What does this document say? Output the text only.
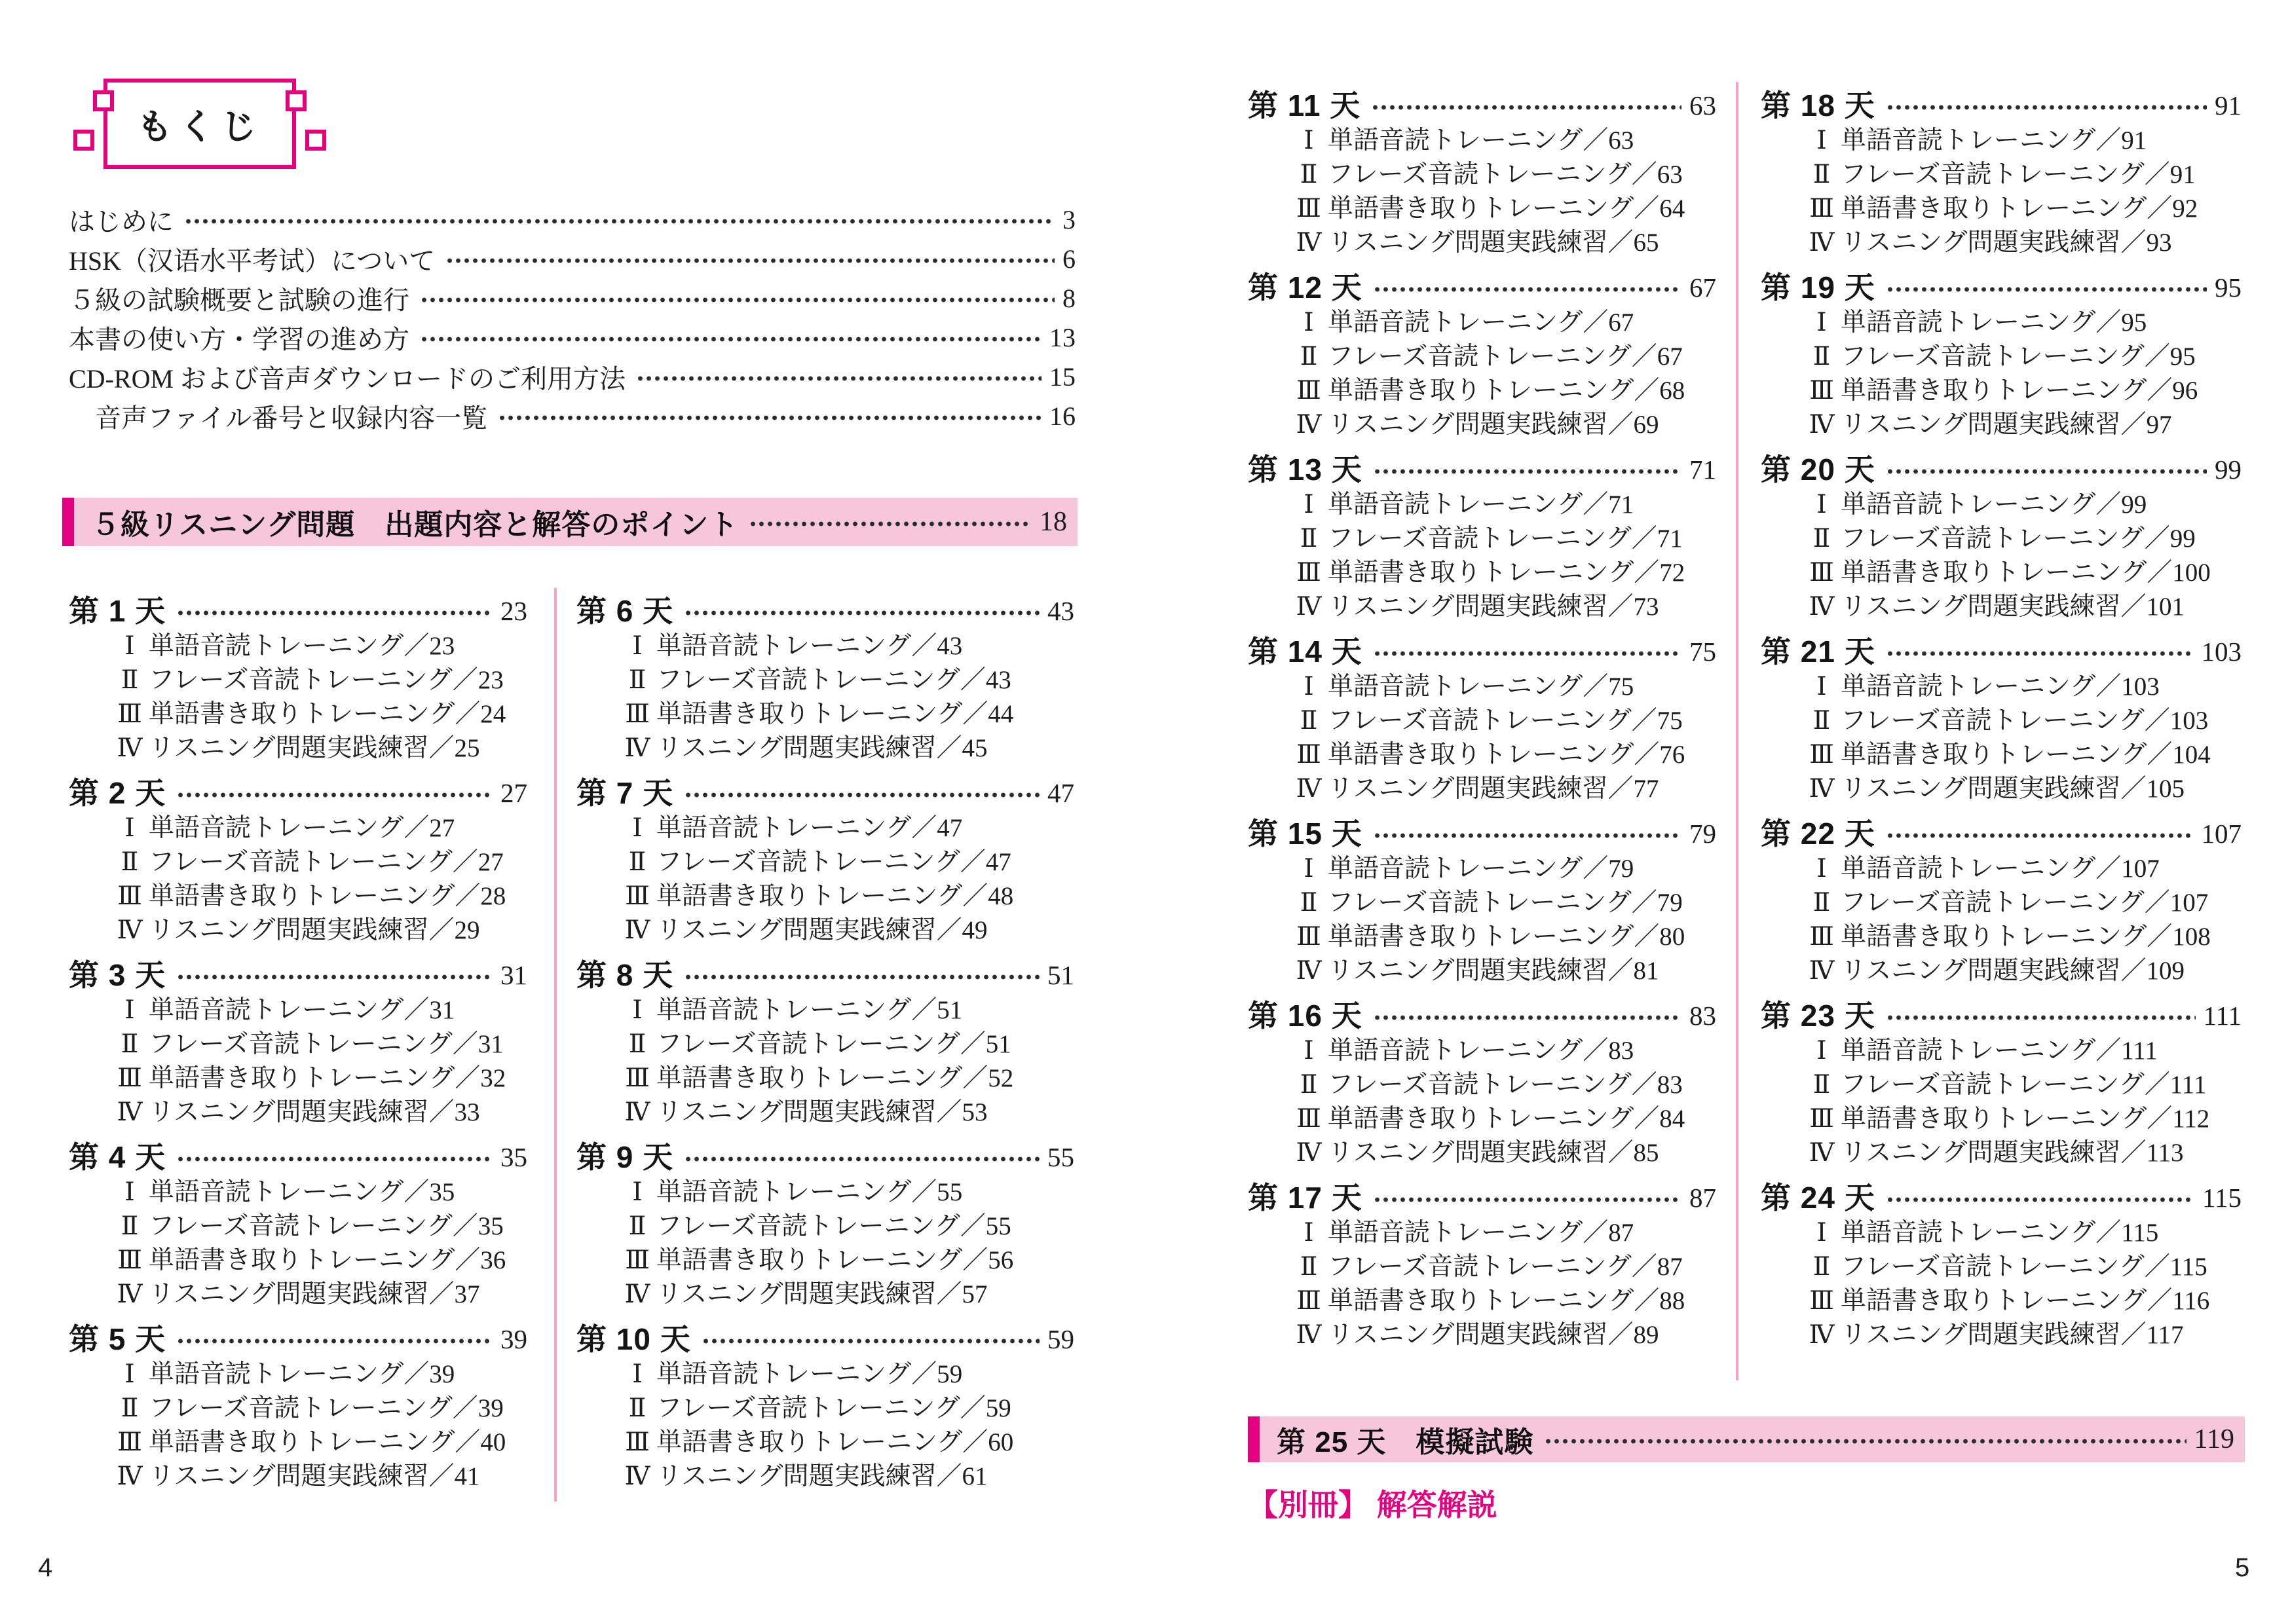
もくじ
はじめに	3
HSK（汉语水平考试）について	6
５級の試験概要と試験の進行	8
本書の使い方・学習の進め方	13
CD-ROM および音声ダウンロードのご利用方法	15
音声ファイル番号と収録内容一覧	16
５級リスニング問題　出題内容と解答のポイント	18
第 1 天	23
Ⅰ 単語音読トレーニング／23
Ⅱ フレーズ音読トレーニング／23
Ⅲ 単語書き取りトレーニング／24
Ⅳ リスニング問題実践練習／25
第 2 天	27
Ⅰ 単語音読トレーニング／27
Ⅱ フレーズ音読トレーニング／27
Ⅲ 単語書き取りトレーニング／28
Ⅳ リスニング問題実践練習／29
第 3 天	31
Ⅰ 単語音読トレーニング／31
Ⅱ フレーズ音読トレーニング／31
Ⅲ 単語書き取りトレーニング／32
Ⅳ リスニング問題実践練習／33
第 4 天	35
Ⅰ 単語音読トレーニング／35
Ⅱ フレーズ音読トレーニング／35
Ⅲ 単語書き取りトレーニング／36
Ⅳ リスニング問題実践練習／37
第 5 天	39
Ⅰ 単語音読トレーニング／39
Ⅱ フレーズ音読トレーニング／39
Ⅲ 単語書き取りトレーニング／40
Ⅳ リスニング問題実践練習／41
第 6 天	43
Ⅰ 単語音読トレーニング／43
Ⅱ フレーズ音読トレーニング／43
Ⅲ 単語書き取りトレーニング／44
Ⅳ リスニング問題実践練習／45
第 7 天	47
Ⅰ 単語音読トレーニング／47
Ⅱ フレーズ音読トレーニング／47
Ⅲ 単語書き取りトレーニング／48
Ⅳ リスニング問題実践練習／49
第 8 天	51
Ⅰ 単語音読トレーニング／51
Ⅱ フレーズ音読トレーニング／51
Ⅲ 単語書き取りトレーニング／52
Ⅳ リスニング問題実践練習／53
第 9 天	55
Ⅰ 単語音読トレーニング／55
Ⅱ フレーズ音読トレーニング／55
Ⅲ 単語書き取りトレーニング／56
Ⅳ リスニング問題実践練習／57
第 10 天	59
Ⅰ 単語音読トレーニング／59
Ⅱ フレーズ音読トレーニング／59
Ⅲ 単語書き取りトレーニング／60
Ⅳ リスニング問題実践練習／61
4
第 11 天	63
Ⅰ 単語音読トレーニング／63
Ⅱ フレーズ音読トレーニング／63
Ⅲ 単語書き取りトレーニング／64
Ⅳ リスニング問題実践練習／65
第 12 天	67
Ⅰ 単語音読トレーニング／67
Ⅱ フレーズ音読トレーニング／67
Ⅲ 単語書き取りトレーニング／68
Ⅳ リスニング問題実践練習／69
第 13 天	71
Ⅰ 単語音読トレーニング／71
Ⅱ フレーズ音読トレーニング／71
Ⅲ 単語書き取りトレーニング／72
Ⅳ リスニング問題実践練習／73
第 14 天	75
Ⅰ 単語音読トレーニング／75
Ⅱ フレーズ音読トレーニング／75
Ⅲ 単語書き取りトレーニング／76
Ⅳ リスニング問題実践練習／77
第 15 天	79
Ⅰ 単語音読トレーニング／79
Ⅱ フレーズ音読トレーニング／79
Ⅲ 単語書き取りトレーニング／80
Ⅳ リスニング問題実践練習／81
第 16 天	83
Ⅰ 単語音読トレーニング／83
Ⅱ フレーズ音読トレーニング／83
Ⅲ 単語書き取りトレーニング／84
Ⅳ リスニング問題実践練習／85
第 17 天	87
Ⅰ 単語音読トレーニング／87
Ⅱ フレーズ音読トレーニング／87
Ⅲ 単語書き取りトレーニング／88
Ⅳ リスニング問題実践練習／89
第 18 天	91
Ⅰ 単語音読トレーニング／91
Ⅱ フレーズ音読トレーニング／91
Ⅲ 単語書き取りトレーニング／92
Ⅳ リスニング問題実践練習／93
第 19 天	95
Ⅰ 単語音読トレーニング／95
Ⅱ フレーズ音読トレーニング／95
Ⅲ 単語書き取りトレーニング／96
Ⅳ リスニング問題実践練習／97
第 20 天	99
Ⅰ 単語音読トレーニング／99
Ⅱ フレーズ音読トレーニング／99
Ⅲ 単語書き取りトレーニング／100
Ⅳ リスニング問題実践練習／101
第 21 天	103
Ⅰ 単語音読トレーニング／103
Ⅱ フレーズ音読トレーニング／103
Ⅲ 単語書き取りトレーニング／104
Ⅳ リスニング問題実践練習／105
第 22 天	107
Ⅰ 単語音読トレーニング／107
Ⅱ フレーズ音読トレーニング／107
Ⅲ 単語書き取りトレーニング／108
Ⅳ リスニング問題実践練習／109
第 23 天	111
Ⅰ 単語音読トレーニング／111
Ⅱ フレーズ音読トレーニング／111
Ⅲ 単語書き取りトレーニング／112
Ⅳ リスニング問題実践練習／113
第 24 天	115
Ⅰ 単語音読トレーニング／115
Ⅱ フレーズ音読トレーニング／115
Ⅲ 単語書き取りトレーニング／116
Ⅳ リスニング問題実践練習／117
第 25 天　模擬試験	119
【別冊】 解答解説
5
